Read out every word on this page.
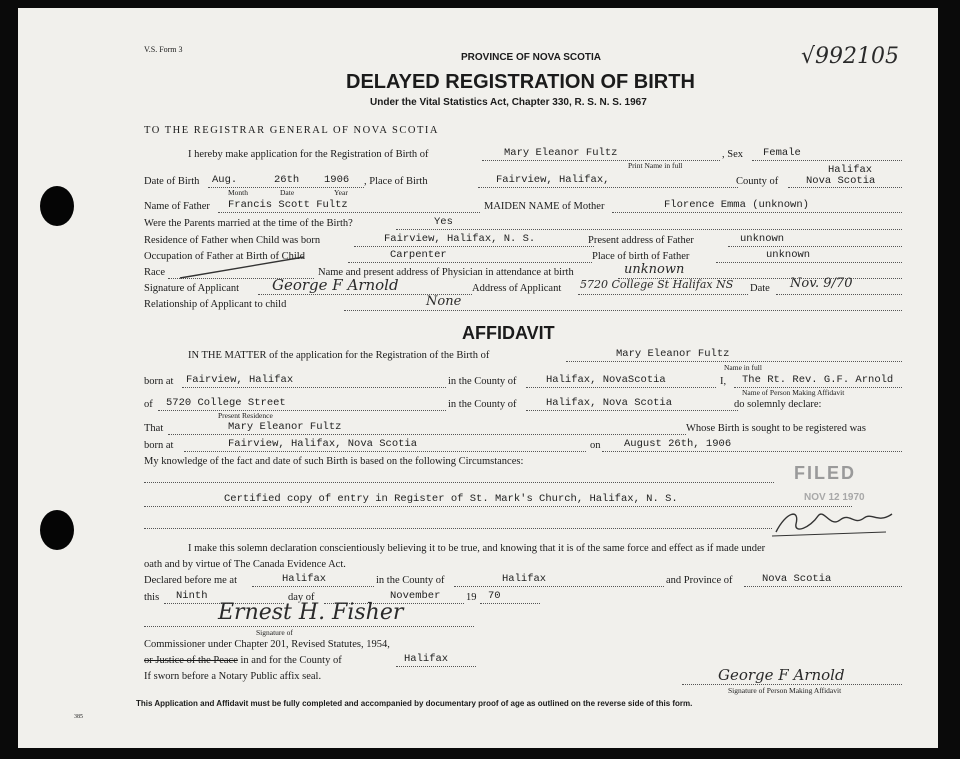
V.S. Form 3	√992105
PROVINCE OF NOVA SCOTIA
DELAYED REGISTRATION OF BIRTH
Under the Vital Statistics Act, Chapter 330, R. S. N. S. 1967
TO THE REGISTRAR GENERAL OF NOVA SCOTIA
I hereby make application for the Registration of Birth of	Mary Eleanor Fultz
Print Name in full
, Sex Female
Date of Birth Aug.	26th 1906
Month	Date	Year
, Place of Birth	Fairview, Halifax,	County of
Halifax
Nova Scotia
Name of Father Francis Scott Fultz	MAIDEN NAME of Mother	Florence Emma (unknown)
Were the Parents married at the time of the Birth?	Yes
Residence of Father when Child was born	Fairview, Halifax, N. S.	Present address of Father	unknown
Occupation of Father at Birth of Child	Carpenter	Place of birth of Father	unknown
Race	Name and present address of Physician in attendance at birth	unknown
Signature of Applicant George F Arnold	Address of Applicant 5720 College St Halifax NS Date Nov. 9/70
Relationship of Applicant to child	None
AFFIDAVIT
IN THE MATTER of the application for the Registration of the Birth of	Mary Eleanor Fultz
Name in full
born at Fairview, Halifax	in the County of	Halifax, NovaScotia	I, The Rt. Rev. G.F. Arnold
Name of Person Making Affidavit
of 5720 College Street
Present Residence
in the County of	Halifax, Nova Scotia	do solemnly declare:
That	Mary Eleanor Fultz	Whose Birth is sought to be registered was
born at	Fairview, Halifax, Nova Scotia	on August 26th, 1906
My knowledge of the fact and date of such Birth is based on the following Circumstances:
FILED
Certified copy of entry in Register of St. Mark's Church, Halifax, N. S.	NOV 12 1970
I make this solemn declaration conscientiously believing it to be true, and knowing that it is of the same force and effect as if made under
oath and by virtue of The Canada Evidence Act.
Declared before me at	Halifax	in the County of	Halifax	and Province of	Nova Scotia
this Ninth	day of	November 19 70
Ernest H. Fisher
Signature of
Commissioner under Chapter 201, Revised Statutes, 1954,
or Justice of the Peace in and for the County of	Halifax
If sworn before a Notary Public affix seal.	George F Arnold
Signature of Person Making Affidavit
This Application and Affidavit must be fully completed and accompanied by documentary proof of age as outlined on the reverse side of this form.
385
